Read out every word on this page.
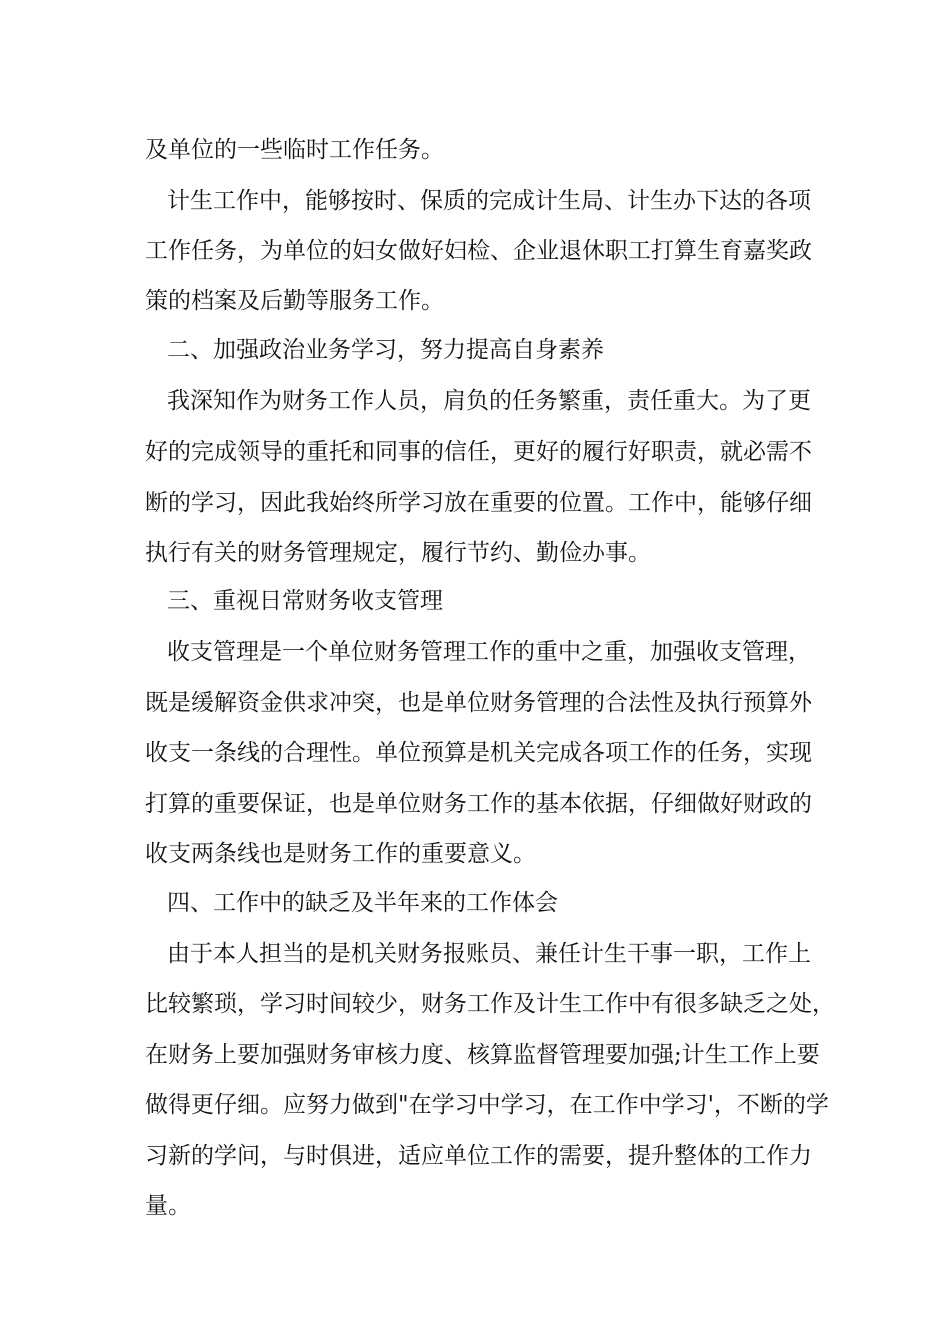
及单位的一些临时工作任务。
计生工作中，能够按时、保质的完成计生局、计生办下达的各项
工作任务，为单位的妇女做好妇检、企业退休职工打算生育嘉奖政
策的档案及后勤等服务工作。
二、加强政治业务学习，努力提高自身素养
我深知作为财务工作人员，肩负的任务繁重，责任重大。为了更
好的完成领导的重托和同事的信任，更好的履行好职责，就必需不
断的学习，因此我始终所学习放在重要的位置。工作中，能够仔细
执行有关的财务管理规定，履行节约、勤俭办事。
三、重视日常财务收支管理
收支管理是一个单位财务管理工作的重中之重，加强收支管理，
既是缓解资金供求冲突，也是单位财务管理的合法性及执行预算外
收支一条线的合理性。单位预算是机关完成各项工作的任务，实现
打算的重要保证，也是单位财务工作的基本依据，仔细做好财政的
收支两条线也是财务工作的重要意义。
四、工作中的缺乏及半年来的工作体会
由于本人担当的是机关财务报账员、兼任计生干事一职，工作上
比较繁琐，学习时间较少，财务工作及计生工作中有很多缺乏之处，
在财务上要加强财务审核力度、核算监督管理要加强;计生工作上要
做得更仔细。应努力做到"在学习中学习，在工作中学习'，不断的学
习新的学问，与时俱进，适应单位工作的需要，提升整体的工作力
量。
